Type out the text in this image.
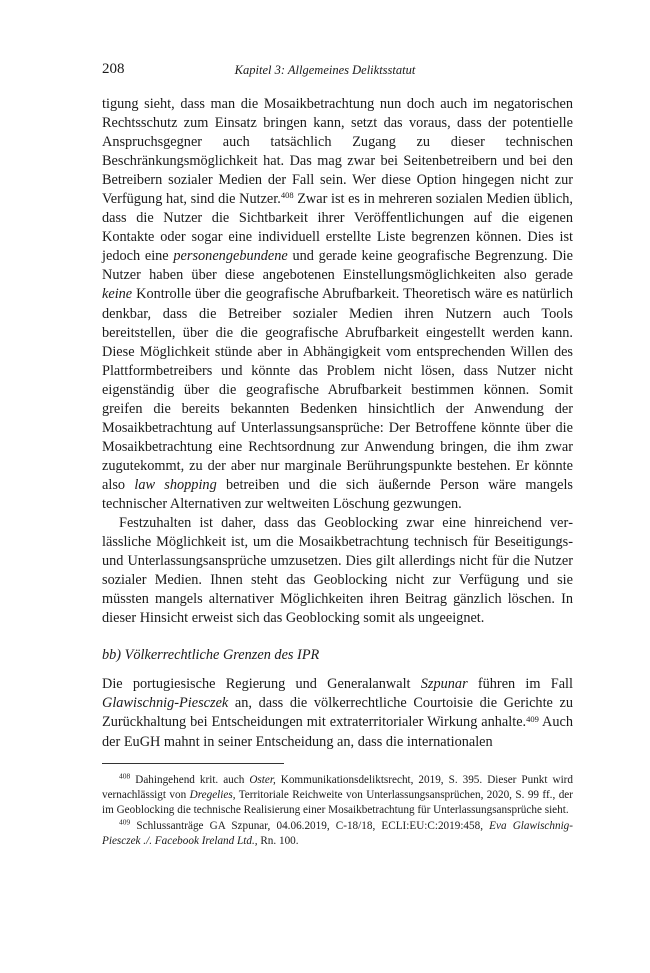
208	Kapitel 3: Allgemeines Deliktsstatut

tigung sieht, dass man die Mosaikbetrachtung nun doch auch im negatorischen Rechtsschutz zum Einsatz bringen kann, setzt das voraus, dass der potentielle Anspruchsgegner auch tatsächlich Zugang zu dieser technischen Beschränkungsmöglichkeit hat. Das mag zwar bei Seitenbetreibern und bei den Betreibern sozialer Medien der Fall sein. Wer diese Option hingegen nicht zur Verfügung hat, sind die Nutzer.$^{408}$ Zwar ist es in mehreren sozialen Medien üblich, dass die Nutzer die Sichtbarkeit ihrer Veröffentlichungen auf die eigenen Kontakte oder sogar eine individuell erstellte Liste begrenzen können. Dies ist jedoch eine personengebundene und gerade keine geografische Begrenzung. Die Nutzer haben über diese angebotenen Einstellungsmöglichkeiten also gerade keine Kontrolle über die geografische Abrufbarkeit. Theoretisch wäre es natürlich denkbar, dass die Betreiber sozialer Medien ihren Nutzern auch Tools bereitstellen, über die die geografische Abrufbarkeit eingestellt werden kann. Diese Möglichkeit stünde aber in Abhängigkeit vom entsprechenden Willen des Plattformbetreibers und könnte das Problem nicht lösen, dass Nutzer nicht eigenständig über die geografische Abrufbarkeit bestimmen können. Somit greifen die bereits bekannten Bedenken hinsichtlich der Anwendung der Mosaikbetrachtung auf Unterlassungsansprüche: Der Betroffene könnte über die Mosaikbetrachtung eine Rechtsordnung zur Anwendung bringen, die ihm zwar zugutekommt, zu der aber nur marginale Berührungspunkte bestehen. Er könnte also law shopping betreiben und die sich äußernde Person wäre mangels technischer Alternativen zur weltweiten Löschung gezwungen.

Festzuhalten ist daher, dass das Geoblocking zwar eine hinreichend verlässliche Möglichkeit ist, um die Mosaikbetrachtung technisch für Beseitigungs- und Unterlassungsansprüche umzusetzen. Dies gilt allerdings nicht für die Nutzer sozialer Medien. Ihnen steht das Geoblocking nicht zur Verfügung und sie müssten mangels alternativer Möglichkeiten ihren Beitrag gänzlich löschen. In dieser Hinsicht erweist sich das Geoblocking somit als ungeeignet.

bb) Völkerrechtliche Grenzen des IPR

Die portugiesische Regierung und Generalanwalt Szpunar führen im Fall Glawischnig-Piesczek an, dass die völkerrechtliche Courtoisie die Gerichte zu Zurückhaltung bei Entscheidungen mit extraterritorialer Wirkung anhalte.$^{409}$ Auch der EuGH mahnt in seiner Entscheidung an, dass die internationalen

$^{408}$ Dahingehend krit. auch Oster, Kommunikationsdeliktsrecht, 2019, S. 395. Dieser Punkt wird vernachlässigt von Dregelies, Territoriale Reichweite von Unterlassungsansprüchen, 2020, S. 99 ff., der im Geoblocking die technische Realisierung einer Mosaikbetrachtung für Unterlassungsansprüche sieht.

$^{409}$ Schlussanträge GA Szpunar, 04.06.2019, C-18/18, ECLI:EU:C:2019:458, Eva Glawischnig-Piesczek ./. Facebook Ireland Ltd., Rn. 100.
